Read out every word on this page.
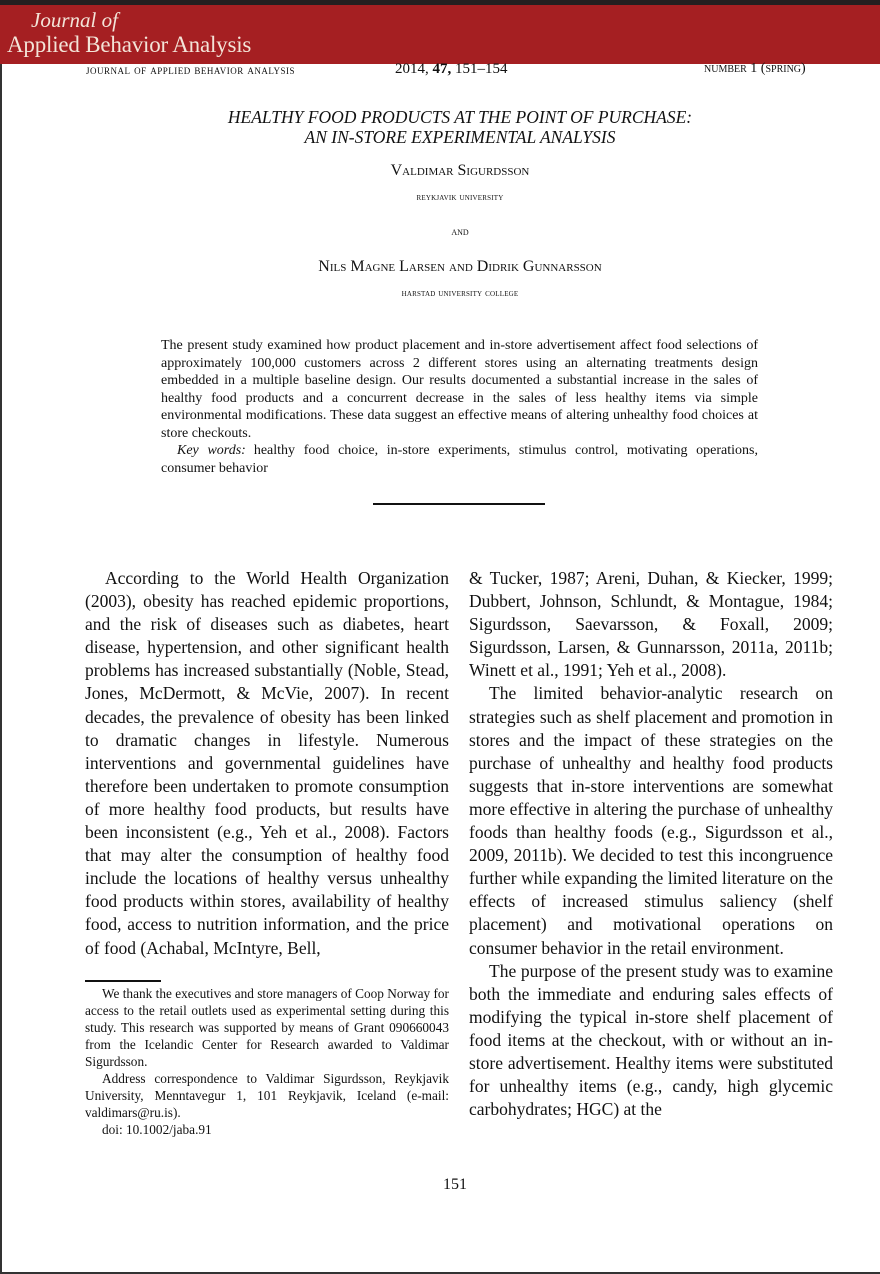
Journal of
Applied Behavior Analysis
journal of applied behavior analysis	2014, 47, 151–154	number 1 (spring)
HEALTHY FOOD PRODUCTS AT THE POINT OF PURCHASE:
AN IN-STORE EXPERIMENTAL ANALYSIS
Valdimar Sigurdsson
reykjavik university
and
Nils Magne Larsen and Didrik Gunnarsson
harstad university college
The present study examined how product placement and in-store advertisement affect food selections of approximately 100,000 customers across 2 different stores using an alternating treatments design embedded in a multiple baseline design. Our results documented a substantial increase in the sales of healthy food products and a concurrent decrease in the sales of less healthy items via simple environmental modifications. These data suggest an effective means of altering unhealthy food choices at store checkouts.
Key words: healthy food choice, in-store experiments, stimulus control, motivating operations, consumer behavior

According to the World Health Organization (2003), obesity has reached epidemic proportions, and the risk of diseases such as diabetes, heart disease, hypertension, and other significant health problems has increased substantially (Noble, Stead, Jones, McDermott, & McVie, 2007). In recent decades, the prevalence of obesity has been linked to dramatic changes in lifestyle. Numerous interventions and governmental guidelines have therefore been undertaken to promote consumption of more healthy food products, but results have been inconsistent (e.g., Yeh et al., 2008). Factors that may alter the consumption of healthy food include the locations of healthy versus unhealthy food products within stores, availability of healthy food, access to nutrition information, and the price of food (Achabal, McIntyre, Bell,

& Tucker, 1987; Areni, Duhan, & Kiecker, 1999; Dubbert, Johnson, Schlundt, & Montague, 1984; Sigurdsson, Saevarsson, & Foxall, 2009; Sigurdsson, Larsen, & Gunnarsson, 2011a, 2011b; Winett et al., 1991; Yeh et al., 2008).

The limited behavior-analytic research on strategies such as shelf placement and promotion in stores and the impact of these strategies on the purchase of unhealthy and healthy food products suggests that in-store interventions are somewhat more effective in altering the purchase of unhealthy foods than healthy foods (e.g., Sigurdsson et al., 2009, 2011b). We decided to test this incongruence further while expanding the limited literature on the effects of increased stimulus saliency (shelf placement) and motivational operations on consumer behavior in the retail environment.

The purpose of the present study was to examine both the immediate and enduring sales effects of modifying the typical in-store shelf placement of food items at the checkout, with or without an in-store advertisement. Healthy items were substituted for unhealthy items (e.g., candy, high glycemic carbohydrates; HGC) at the

We thank the executives and store managers of Coop Norway for access to the retail outlets used as experimental setting during this study. This research was supported by means of Grant 090660043 from the Icelandic Center for Research awarded to Valdimar Sigurdsson.

Address correspondence to Valdimar Sigurdsson, Reykjavik University, Menntavegur 1, 101 Reykjavik, Iceland (e-mail: valdimars@ru.is).

doi: 10.1002/jaba.91

151
